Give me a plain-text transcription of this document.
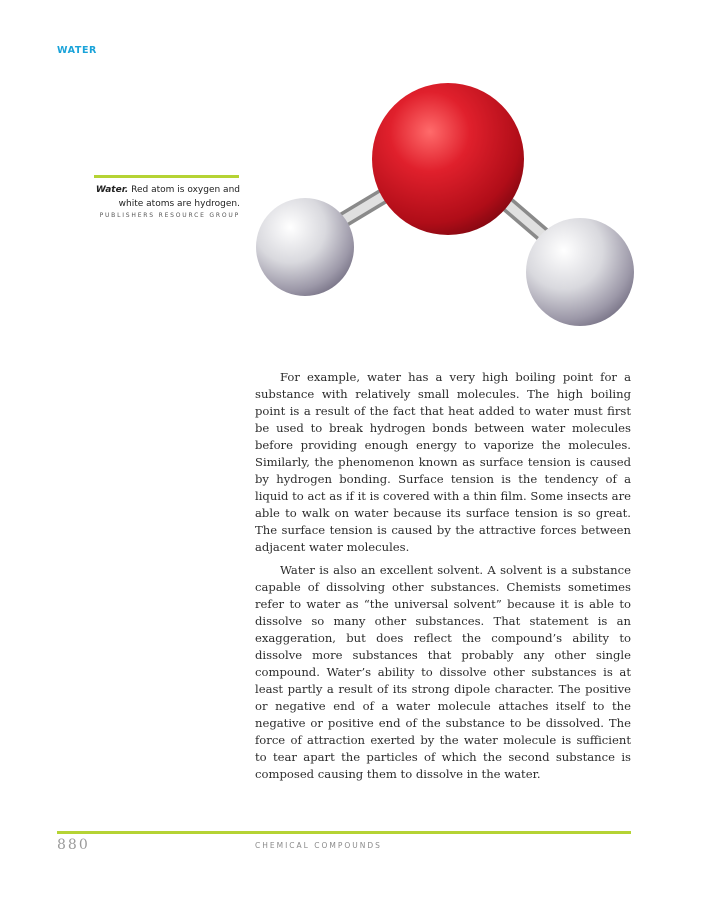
WATER
Water. Red atom is oxygen and white atoms are hydrogen.
PUBLISHERS RESOURCE GROUP

For example, water has a very high boiling point for a substance with relatively small molecules. The high boiling point is a result of the fact that heat added to water must first be used to break hydrogen bonds between water molecules before providing enough energy to vaporize the molecules. Similarly, the phenomenon known as surface tension is caused by hydrogen bonding. Surface tension is the tendency of a liquid to act as if it is covered with a thin film. Some insects are able to walk on water because its surface tension is so great. The surface tension is caused by the attractive forces between adjacent water molecules.

Water is also an excellent solvent. A solvent is a substance capable of dissolving other substances. Chemists sometimes refer to water as “the universal solvent” because it is able to dissolve so many other substances. That statement is an exaggeration, but does reflect the compound’s ability to dissolve more substances that probably any other single compound. Water’s ability to dissolve other substances is at least partly a result of its strong dipole character. The positive or negative end of a water molecule attaches itself to the negative or positive end of the substance to be dissolved. The force of attraction exerted by the water molecule is sufficient to tear apart the particles of which the second substance is composed causing them to dissolve in the water.

880	CHEMICAL COMPOUNDS
